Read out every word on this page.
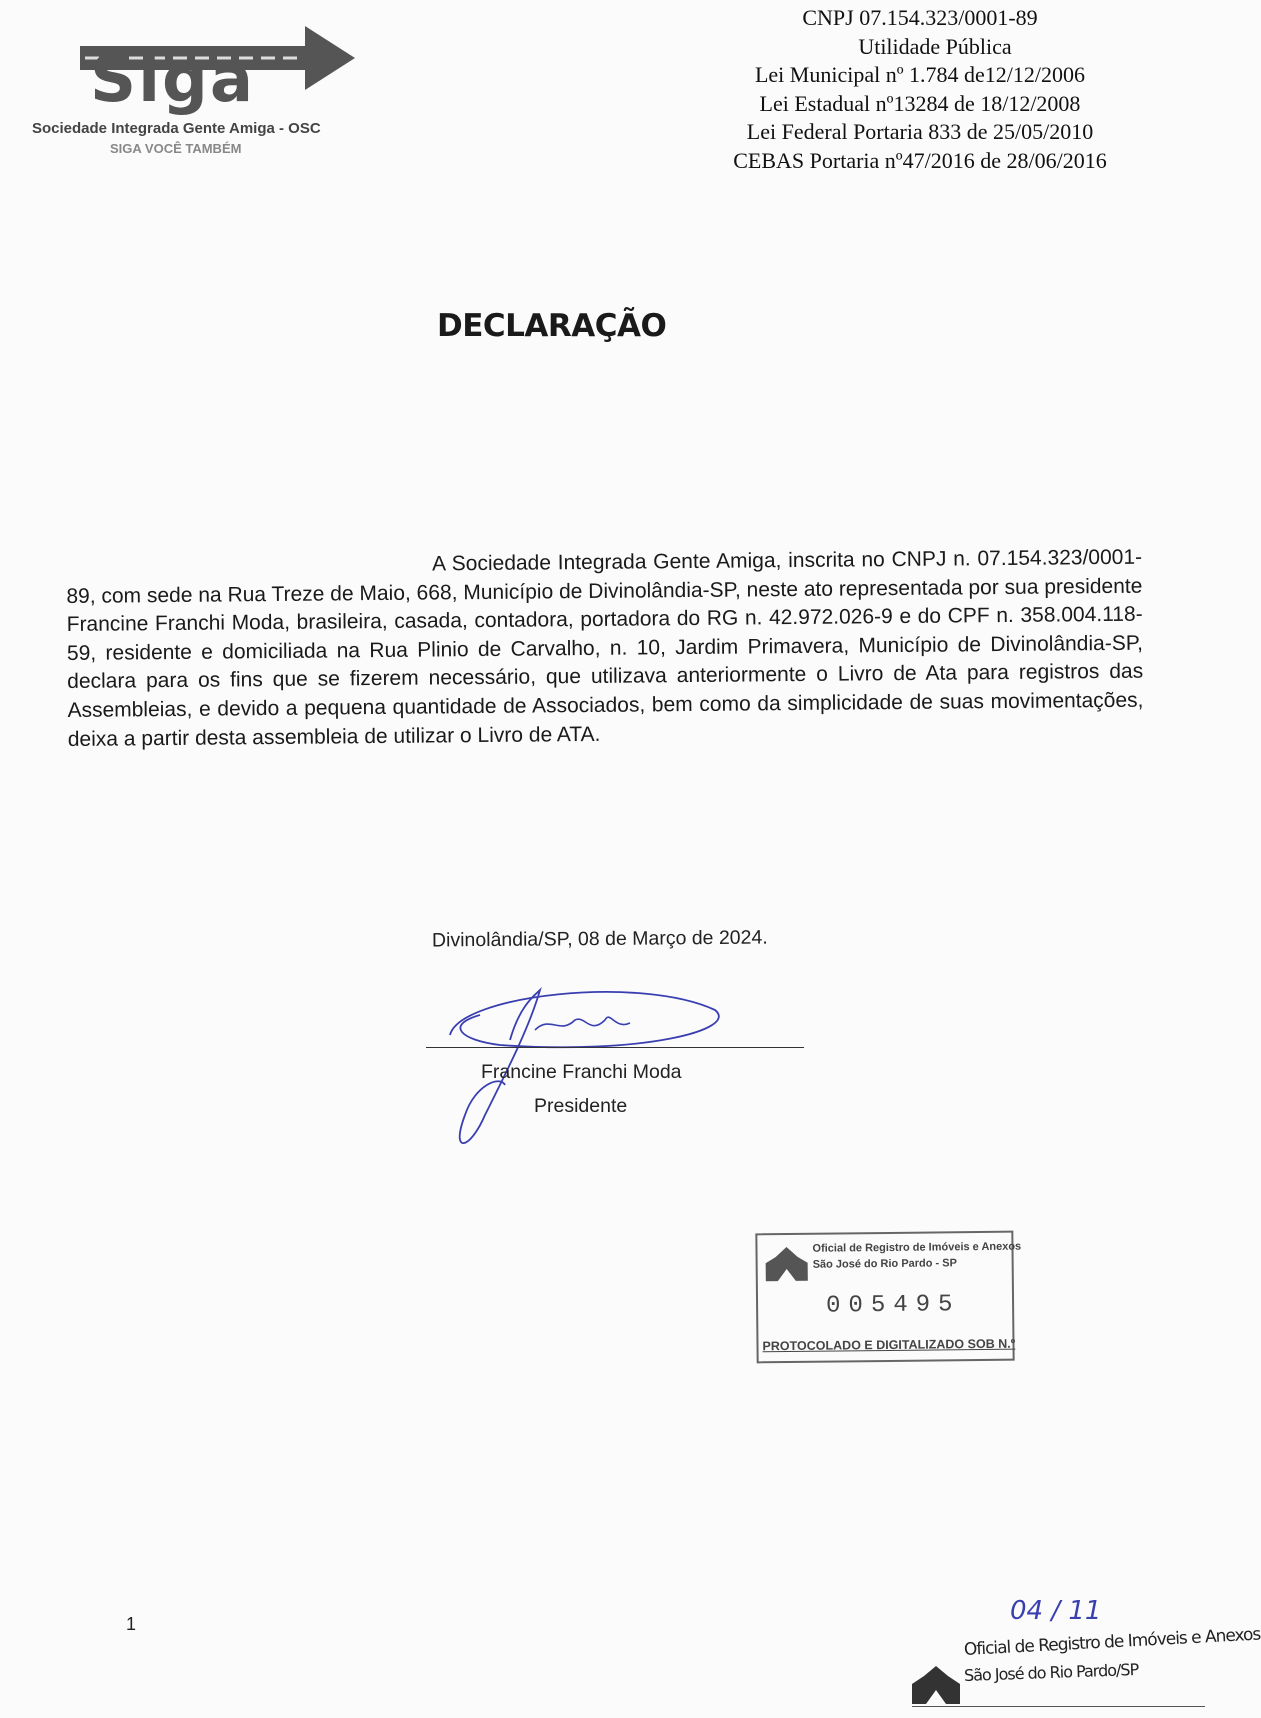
Siga
Sociedade Integrada Gente Amiga - OSC
SIGA VOCÊ TAMBÉM
CNPJ 07.154.323/0001-89
Utilidade Pública
Lei Municipal nº 1.784 de12/12/2006
Lei Estadual nº13284 de 18/12/2008
Lei Federal Portaria 833 de 25/05/2010
CEBAS Portaria nº47/2016 de 28/06/2016
DECLARAÇÃO
A Sociedade Integrada Gente Amiga, inscrita no CNPJ n. 07.154.323/0001-89, com sede na Rua Treze de Maio, 668, Município de Divinolândia-SP, neste ato representada por sua presidente Francine Franchi Moda, brasileira, casada, contadora, portadora do RG n. 42.972.026-9 e do CPF n. 358.004.118-59, residente e domiciliada na Rua Plinio de Carvalho, n. 10, Jardim Primavera, Município de Divinolândia-SP, declara para os fins que se fizerem necessário, que utilizava anteriormente o Livro de Ata para registros das Assembleias, e devido a pequena quantidade de Associados, bem como da simplicidade de suas movimentações, deixa a partir desta assembleia de utilizar o Livro de ATA.
Divinolândia/SP, 08 de Março de 2024.
Francine Franchi Moda
Presidente
Oficial de Registro de Imóveis e Anexos
São José do Rio Pardo - SP
005495
PROTOCOLADO E DIGITALIZADO SOB N.º
1	04 / 11
Oficial de Registro de Imóveis e Anexos
São José do Rio Pardo/SP
